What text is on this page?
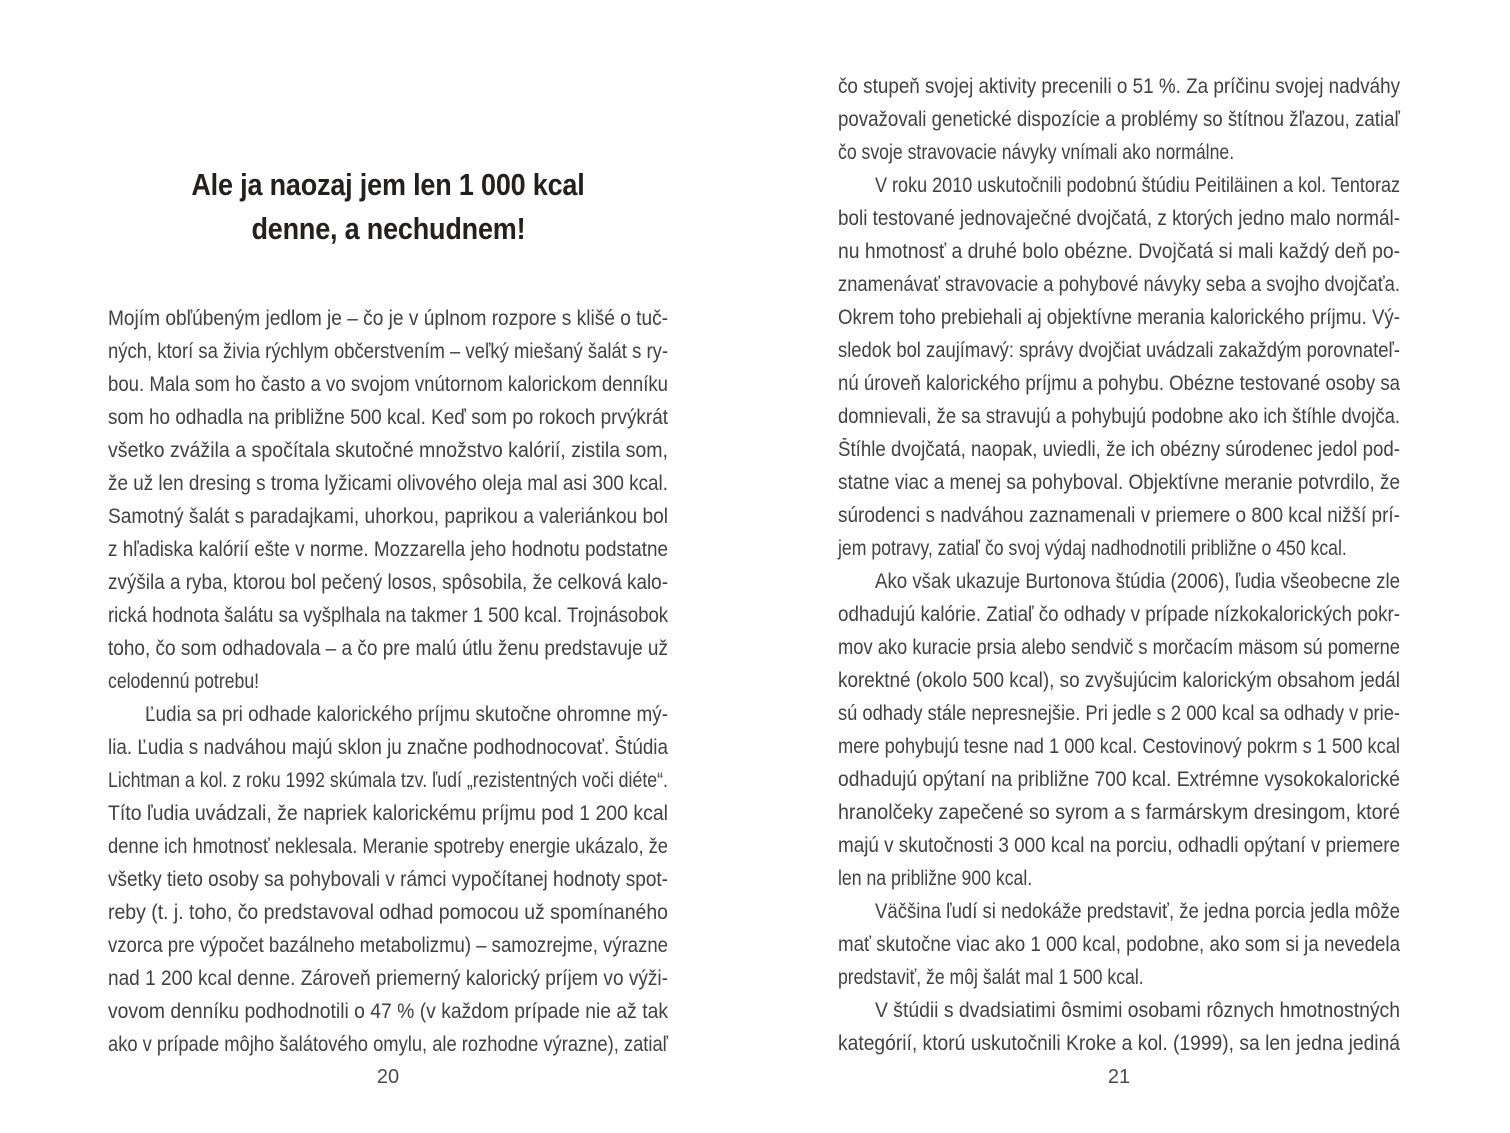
Ale ja naozaj jem len 1 000 kcal
denne, a nechudnem!
Mojím obľúbeným jedlom je – čo je v úplnom rozpore s klišé o tuč-
ných, ktorí sa živia rýchlym občerstvením – veľký miešaný šalát s ry-
bou. Mala som ho často a vo svojom vnútornom kalorickom denníku
som ho odhadla na približne 500 kcal. Keď som po rokoch prvýkrát
všetko zvážila a spočítala skutočné množstvo kalórií, zistila som,
že už len dresing s troma lyžicami olivového oleja mal asi 300 kcal.
Samotný šalát s paradajkami, uhorkou, paprikou a valeriánkou bol
z hľadiska kalórií ešte v norme. Mozzarella jeho hodnotu podstatne
zvýšila a ryba, ktorou bol pečený losos, spôsobila, že celková kalo-
rická hodnota šalátu sa vyšplhala na takmer 1 500 kcal. Trojnásobok
toho, čo som odhadovala – a čo pre malú útlu ženu predstavuje už
celodennú potrebu!
Ľudia sa pri odhade kalorického príjmu skutočne ohromne mý-
lia. Ľudia s nadváhou majú sklon ju značne podhodnocovať. Štúdia
Lichtman a kol. z roku 1992 skúmala tzv. ľudí „rezistentných voči diéte“.
Títo ľudia uvádzali, že napriek kalorickému príjmu pod 1 200 kcal
denne ich hmotnosť neklesala. Meranie spotreby energie ukázalo, že
všetky tieto osoby sa pohybovali v rámci vypočítanej hodnoty spot-
reby (t. j. toho, čo predstavoval odhad pomocou už spomínaného
vzorca pre výpočet bazálneho metabolizmu) – samozrejme, výrazne
nad 1 200 kcal denne. Zároveň priemerný kalorický príjem vo výži-
vovom denníku podhodnotili o 47 % (v každom prípade nie až tak
ako v prípade môjho šalátového omylu, ale rozhodne výrazne), zatiaľ
20
čo stupeň svojej aktivity precenili o 51 %. Za príčinu svojej nadváhy
považovali genetické dispozície a problémy so štítnou žľazou, zatiaľ
čo svoje stravovacie návyky vnímali ako normálne.
V roku 2010 uskutočnili podobnú štúdiu Peitiläinen a kol. Tentoraz
boli testované jednovaječné dvojčatá, z ktorých jedno malo normál-
nu hmotnosť a druhé bolo obézne. Dvojčatá si mali každý deň po-
znamenávať stravovacie a pohybové návyky seba a svojho dvojčaťa.
Okrem toho prebiehali aj objektívne merania kalorického príjmu. Vý-
sledok bol zaujímavý: správy dvojčiat uvádzali zakaždým porovnateľ-
nú úroveň kalorického príjmu a pohybu. Obézne testované osoby sa
domnievali, že sa stravujú a pohybujú podobne ako ich štíhle dvojča.
Štíhle dvojčatá, naopak, uviedli, že ich obézny súrodenec jedol pod-
statne viac a menej sa pohyboval. Objektívne meranie potvrdilo, že
súrodenci s nadváhou zaznamenali v priemere o 800 kcal nižší prí-
jem potravy, zatiaľ čo svoj výdaj nadhodnotili približne o 450 kcal.
Ako však ukazuje Burtonova štúdia (2006), ľudia všeobecne zle
odhadujú kalórie. Zatiaľ čo odhady v prípade nízkokalorických pokr-
mov ako kuracie prsia alebo sendvič s morčacím mäsom sú pomerne
korektné (okolo 500 kcal), so zvyšujúcim kalorickým obsahom jedál
sú odhady stále nepresnejšie. Pri jedle s 2 000 kcal sa odhady v prie-
mere pohybujú tesne nad 1 000 kcal. Cestovinový pokrm s 1 500 kcal
odhadujú opýtaní na približne 700 kcal. Extrémne vysokokalorické
hranolčeky zapečené so syrom a s farmárskym dresingom, ktoré
majú v skutočnosti 3 000 kcal na porciu, odhadli opýtaní v priemere
len na približne 900 kcal.
Väčšina ľudí si nedokáže predstaviť, že jedna porcia jedla môže
mať skutočne viac ako 1 000 kcal, podobne, ako som si ja nevedela
predstaviť, že môj šalát mal 1 500 kcal.
V štúdii s dvadsiatimi ôsmimi osobami rôznych hmotnostných
kategórií, ktorú uskutočnili Kroke a kol. (1999), sa len jedna jediná
21
